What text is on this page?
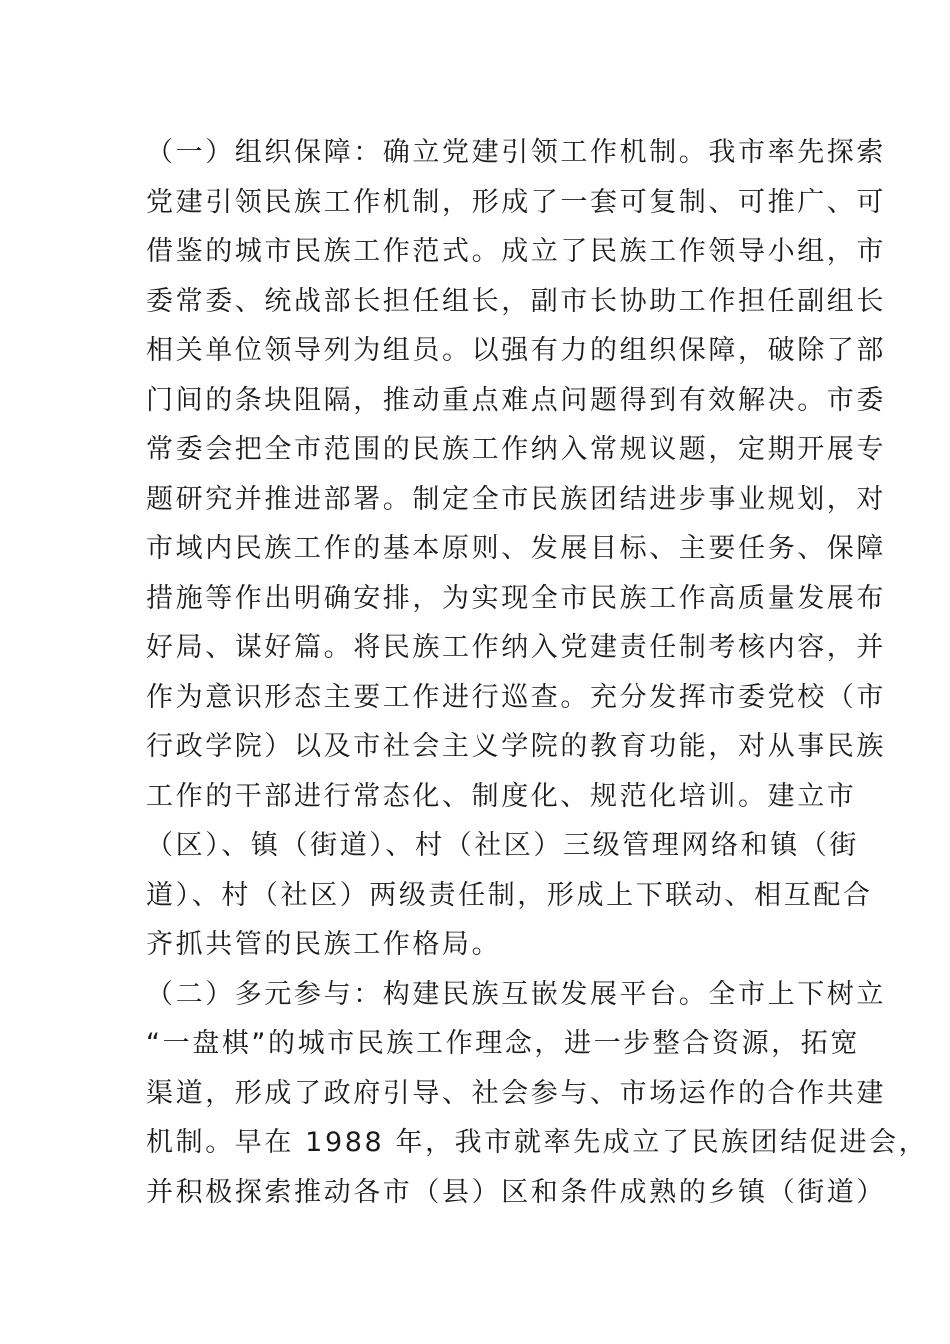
（一）组织保障：确立党建引领工作机制。我市率先探索
党建引领民族工作机制，形成了一套可复制、可推广、可
借鉴的城市民族工作范式。成立了民族工作领导小组，市
委常委、统战部长担任组长，副市长协助工作担任副组长
相关单位领导列为组员。以强有力的组织保障，破除了部
门间的条块阻隔，推动重点难点问题得到有效解决。市委
常委会把全市范围的民族工作纳入常规议题，定期开展专
题研究并推进部署。制定全市民族团结进步事业规划，对
市域内民族工作的基本原则、发展目标、主要任务、保障
措施等作出明确安排，为实现全市民族工作高质量发展布
好局、谋好篇。将民族工作纳入党建责任制考核内容，并
作为意识形态主要工作进行巡查。充分发挥市委党校（市
行政学院）以及市社会主义学院的教育功能，对从事民族
工作的干部进行常态化、制度化、规范化培训。建立市
（区）、镇（街道）、村（社区）三级管理网络和镇（街
道）、村（社区）两级责任制，形成上下联动、相互配合
齐抓共管的民族工作格局。
（二）多元参与：构建民族互嵌发展平台。全市上下树立
“一盘棋”的城市民族工作理念，进一步整合资源，拓宽
渠道，形成了政府引导、社会参与、市场运作的合作共建
机制。早在 1988 年，我市就率先成立了民族团结促进会，
并积极探索推动各市（县）区和条件成熟的乡镇（街道）
